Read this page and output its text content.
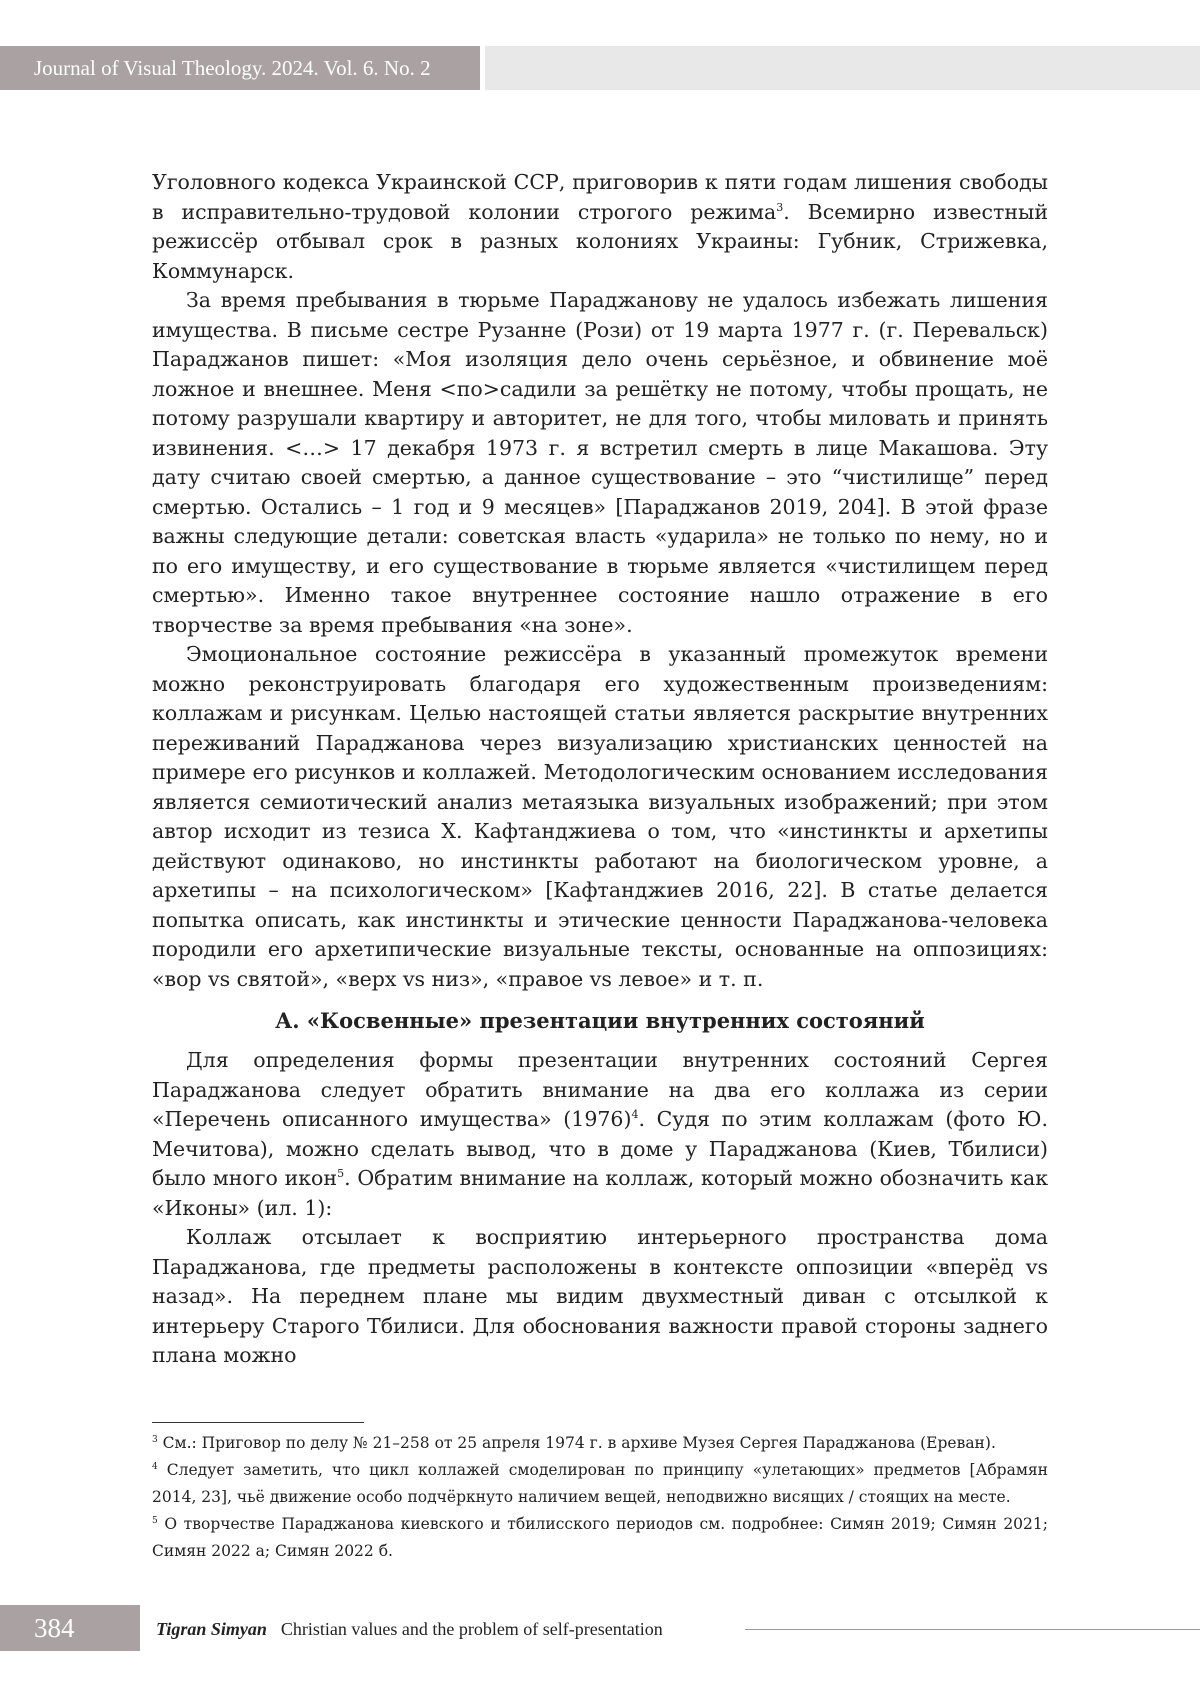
Journal of Visual Theology. 2024. Vol. 6. No. 2

Уголовного кодекса Украинской ССР, приговорив к пяти годам лишения свободы в исправительно-трудовой колонии строгого режима$^3$. Всемирно известный режиссёр отбывал срок в разных колониях Украины: Губник, Стрижевка, Коммунарск.

За время пребывания в тюрьме Параджанову не удалось избежать лишения имущества. В письме сестре Рузанне (Рози) от 19 марта 1977 г. (г. Перевальск) Параджанов пишет: «Моя изоляция дело очень серьёзное, и обвинение моё ложное и внешнее. Меня <по>садили за решётку не потому, чтобы прощать, не потому разрушали квартиру и авторитет, не для того, чтобы миловать и принять извинения. <…> 17 декабря 1973 г. я встретил смерть в лице Макашова. Эту дату считаю своей смертью, а данное существование – это “чистилище” перед смертью. Остались – 1 год и 9 месяцев» [Параджанов 2019, 204]. В этой фразе важны следующие детали: советская власть «ударила» не только по нему, но и по его имуществу, и его существование в тюрьме является «чистилищем перед смертью». Именно такое внутреннее состояние нашло отражение в его творчестве за время пребывания «на зоне».

Эмоциональное состояние режиссёра в указанный промежуток времени можно реконструировать благодаря его художественным произведениям: коллажам и рисункам. Целью настоящей статьи является раскрытие внутренних переживаний Параджанова через визуализацию христианских ценностей на примере его рисунков и коллажей. Методологическим основанием исследования является семиотический анализ метаязыка визуальных изображений; при этом автор исходит из тезиса Х. Кафтанджиева о том, что «инстинкты и архетипы действуют одинаково, но инстинкты работают на биологическом уровне, а архетипы – на психологическом» [Кафтанджиев 2016, 22]. В статье делается попытка описать, как инстинкты и этические ценности Параджанова-человека породили его архетипические визуальные тексты, основанные на оппозициях: «вор vs святой», «верх vs низ», «правое vs левое» и т. п.

А. «Косвенные» презентации внутренних состояний

Для определения формы презентации внутренних состояний Сергея Параджанова следует обратить внимание на два его коллажа из серии «Перечень описанного имущества» $(1976)^4$. Судя по этим коллажам (фото Ю. Мечитова), можно сделать вывод, что в доме у Параджанова (Киев, Тбилиси) было много икон$^5$. Обратим внимание на коллаж, который можно обозначить как «Иконы» (ил. 1):

Коллаж отсылает к восприятию интерьерного пространства дома Параджанова, где предметы расположены в контексте оппозиции «вперёд vs назад». На переднем плане мы видим двухместный диван с отсылкой к интерьеру Старого Тбилиси. Для обоснования важности правой стороны заднего плана можно

$^3$ См.: Приговор по делу № 21–258 от 25 апреля 1974 г. в архиве Музея Сергея Параджанова (Ереван).

$^4$ Следует заметить, что цикл коллажей смоделирован по принципу «улетающих» предметов [Абрамян 2014, 23], чьё движение особо подчёркнуто наличием вещей, неподвижно висящих / стоящих на месте.

$^5$ О творчестве Параджанова киевского и тбилисского периодов см. подробнее: Симян 2019; Симян 2021; Симян 2022 а; Симян 2022 б.

384	Tigran Simyan Christian values and the problem of self-presentation
